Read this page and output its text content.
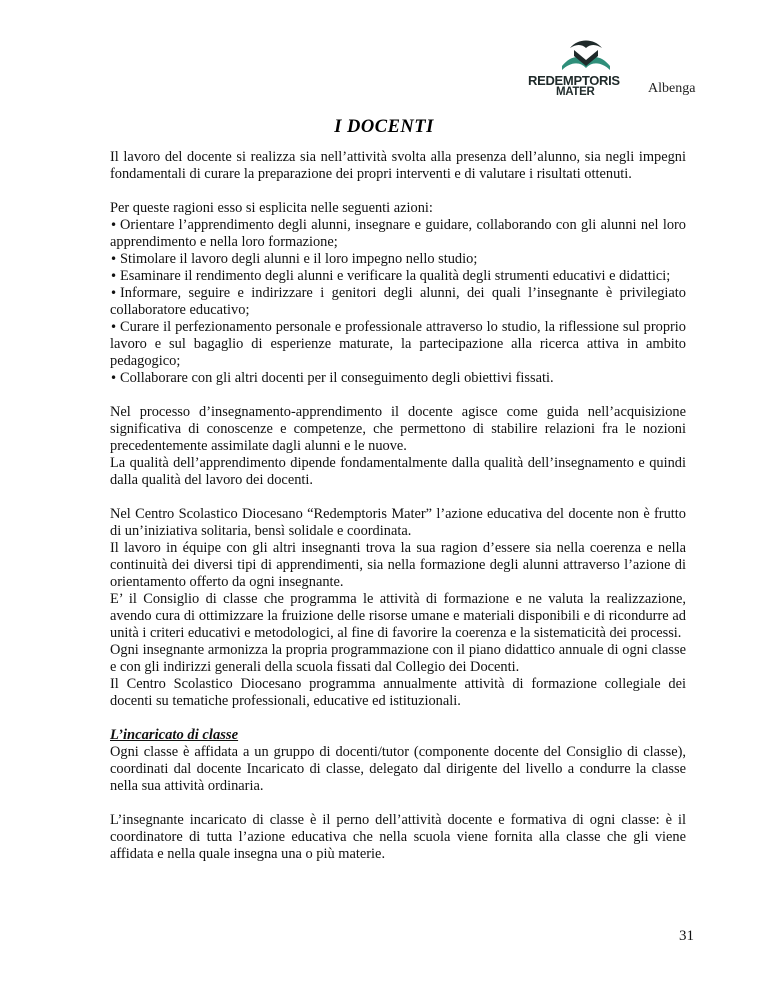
REDEMPTORIS
MATER	Albenga
I DOCENTI

Il lavoro del docente si realizza sia nell’attività svolta alla presenza dell’alunno, sia negli impegni fondamentali di curare la preparazione dei propri interventi e di valutare i risultati ottenuti.

Per queste ragioni esso si esplicita nelle seguenti azioni:

• Orientare l’apprendimento degli alunni, insegnare e guidare, collaborando con gli alunni nel loro apprendimento e nella loro formazione;

• Stimolare il lavoro degli alunni e il loro impegno nello studio;

• Esaminare il rendimento degli alunni e verificare la qualità degli strumenti educativi e didattici;

• Informare, seguire e indirizzare i genitori degli alunni, dei quali l’insegnante è privilegiato collaboratore educativo;

• Curare il perfezionamento personale e professionale attraverso lo studio, la riflessione sul proprio lavoro e sul bagaglio di esperienze maturate, la partecipazione alla ricerca attiva in ambito pedagogico;

• Collaborare con gli altri docenti per il conseguimento degli obiettivi fissati.

Nel processo d’insegnamento-apprendimento il docente agisce come guida nell’acquisizione significativa di conoscenze e competenze, che permettono di stabilire relazioni fra le nozioni precedentemente assimilate dagli alunni e le nuove.

La qualità dell’apprendimento dipende fondamentalmente dalla qualità dell’insegnamento e quindi dalla qualità del lavoro dei docenti.

Nel Centro Scolastico Diocesano “Redemptoris Mater” l’azione educativa del docente non è frutto di un’iniziativa solitaria, bensì solidale e coordinata.

Il lavoro in équipe con gli altri insegnanti trova la sua ragion d’essere sia nella coerenza e nella continuità dei diversi tipi di apprendimenti, sia nella formazione degli alunni attraverso l’azione di orientamento offerto da ogni insegnante.

E’ il Consiglio di classe che programma le attività di formazione e ne valuta la realizzazione, avendo cura di ottimizzare la fruizione delle risorse umane e materiali disponibili e di ricondurre ad unità i criteri educativi e metodologici, al fine di favorire la coerenza e la sistematicità dei processi.

Ogni insegnante armonizza la propria programmazione con il piano didattico annuale di ogni classe e con gli indirizzi generali della scuola fissati dal Collegio dei Docenti.

Il Centro Scolastico Diocesano programma annualmente attività di formazione collegiale dei docenti su tematiche professionali, educative ed istituzionali.

L’incaricato di classe

Ogni classe è affidata a un gruppo di docenti/tutor (componente docente del Consiglio di classe), coordinati dal docente Incaricato di classe, delegato dal dirigente del livello a condurre la classe nella sua attività ordinaria.

L’insegnante incaricato di classe è il perno dell’attività docente e formativa di ogni classe: è il coordinatore di tutta l’azione educativa che nella scuola viene fornita alla classe che gli viene affidata e nella quale insegna una o più materie.

31
